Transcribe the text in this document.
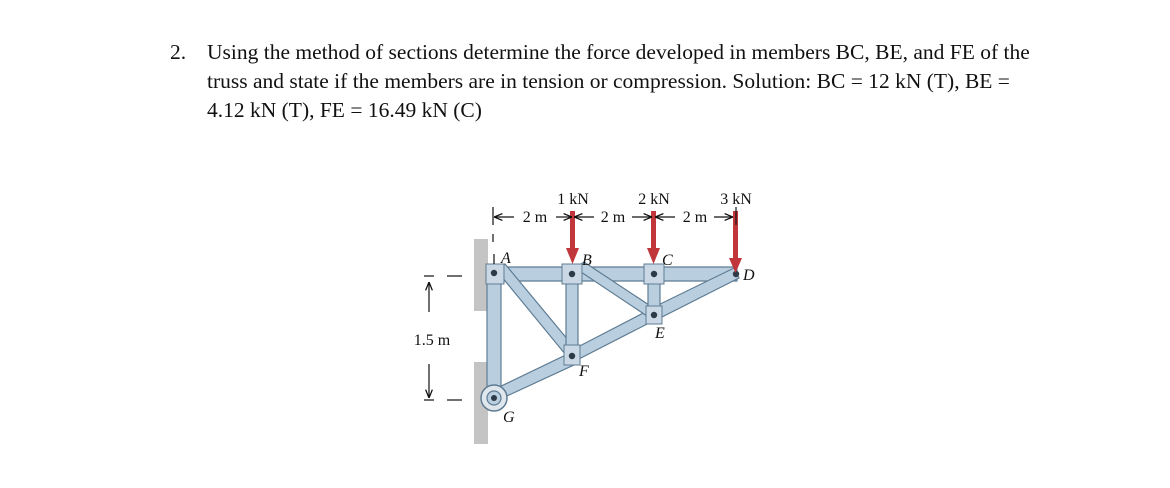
2. Using the method of sections determine the force developed in members BC, BE, and FE of the truss and state if the members are in tension or compression. Solution: BC = 12 kN (T), BE = 4.12 kN (T), FE = 16.49 kN (C)
1 kN	2 kN	3 kN
2 m	2 m	2 m
1.5 m
A	B	C
D
E
F
G
